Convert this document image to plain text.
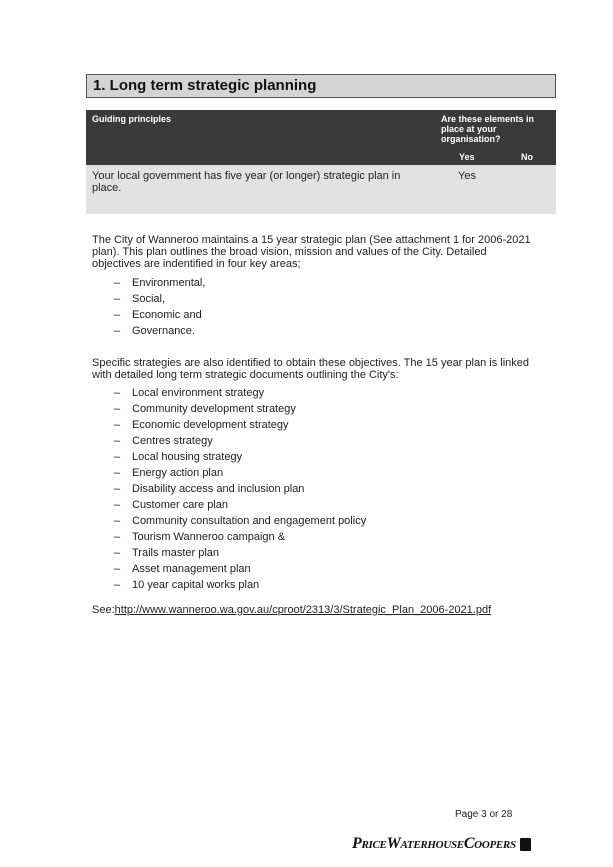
1. Long term strategic planning
Guiding principles	Are these elements in place at your organisation?
Yes	No
Your local government has five year (or longer) strategic plan in place.
Yes

The City of Wanneroo maintains a 15 year strategic plan (See attachment 1 for 2006-2021 plan). This plan outlines the broad vision, mission and values of the City. Detailed objectives are indentified in four key areas;

– Environmental,
– Social,
– Economic and
– Governance.

Specific strategies are also identified to obtain these objectives. The 15 year plan is linked with detailed long term strategic documents outlining the City's:

– Local environment strategy
– Community development strategy
– Economic development strategy
– Centres strategy
– Local housing strategy
– Energy action plan
– Disability access and inclusion plan
– Customer care plan
– Community consultation and engagement policy
– Tourism Wanneroo campaign &
– Trails master plan
– Asset management plan
– 10 year capital works plan
See:http://www.wanneroo.wa.gov.au/cproot/2313/3/Strategic_Plan_2006-2021.pdf
Page 3 or 28
PriceWaterhouseCoopers
